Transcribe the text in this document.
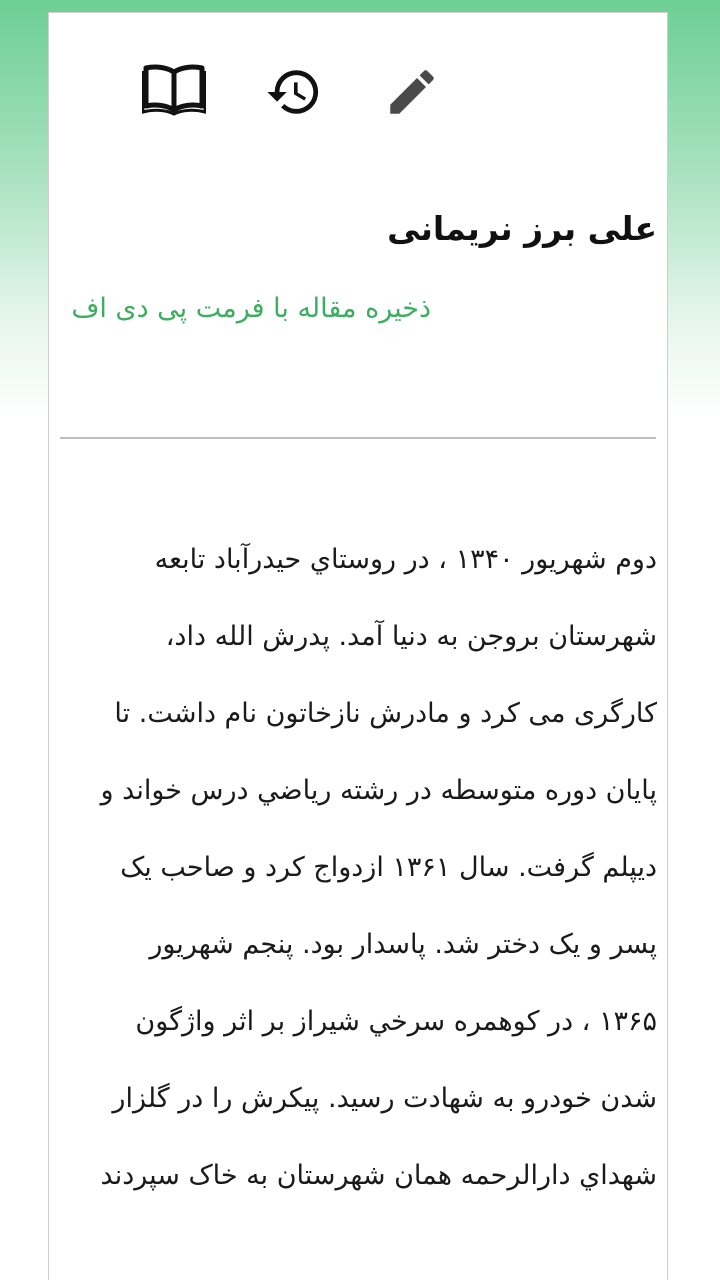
علی برز نریمانی
ذخیره مقاله با فرمت پی دی اف
دوم شهریور ۱۳۴۰ ، در روستاي حیدرآباد تابعه
شهرستان بروجن به دنیا آمد. پدرش الله داد،
کارگری می کرد و مادرش نازخاتون نام داشت. تا
پایان دوره متوسطه در رشته ریاضي درس خواند و
دیپلم گرفت. سال ۱۳۶۱ ازدواج کرد و صاحب یک
پسر و یک دختر شد. پاسدار بود. پنجم شهریور
۱۳۶۵ ، در کوهمره سرخي شیراز بر اثر واژگون
شدن خودرو به شهادت رسید. پیکرش را در گلزار
شهداي دارالرحمه همان شهرستان به خاک سپردند
